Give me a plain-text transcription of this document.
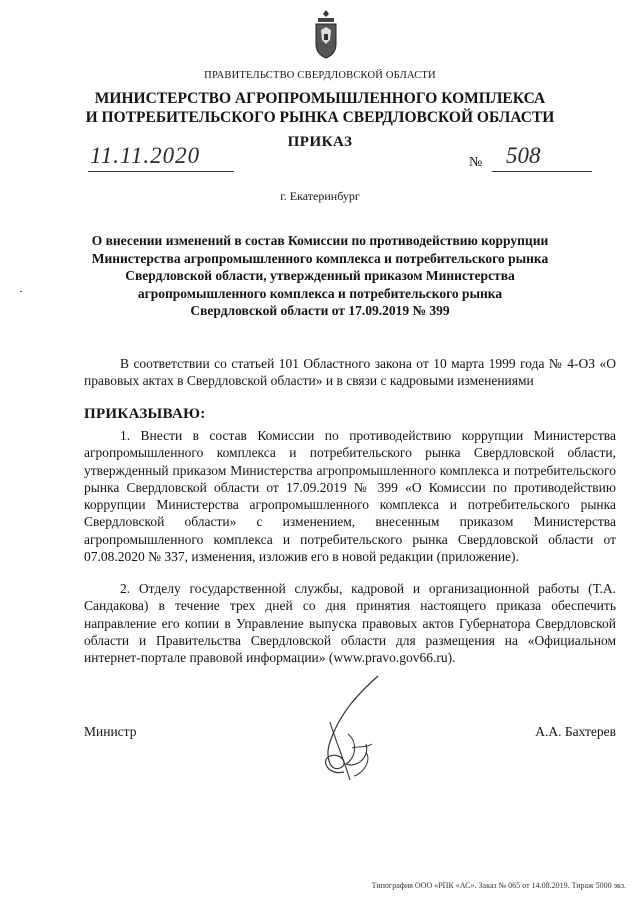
ПРАВИТЕЛЬСТВО СВЕРДЛОВСКОЙ ОБЛАСТИ
МИНИСТЕРСТВО АГРОПРОМЫШЛЕННОГО КОМПЛЕКСА
И ПОТРЕБИТЕЛЬСКОГО РЫНКА СВЕРДЛОВСКОЙ ОБЛАСТИ
ПРИКАЗ
11.11.2020	№ 508
г. Екатеринбург
О внесении изменений в состав Комиссии по противодействию коррупции
Министерства агропромышленного комплекса и потребительского рынка
Свердловской области, утвержденный приказом Министерства
агропромышленного комплекса и потребительского рынка
Свердловской области от 17.09.2019 № 399
В соответствии со статьей 101 Областного закона от 10 марта 1999 года № 4-ОЗ «О правовых актах в Свердловской области» и в связи с кадровыми изменениями
ПРИКАЗЫВАЮ:
1. Внести в состав Комиссии по противодействию коррупции Министерства агропромышленного комплекса и потребительского рынка Свердловской области, утвержденный приказом Министерства агропромышленного комплекса и потребительского рынка Свердловской области от 17.09.2019 № 399 «О Комиссии по противодействию коррупции Министерства агропромышленного комплекса и потребительского рынка Свердловской области» с изменением, внесенным приказом Министерства агропромышленного комплекса и потребительского рынка Свердловской области от 07.08.2020 № 337, изменения, изложив его в новой редакции (приложение).
2. Отделу государственной службы, кадровой и организационной работы (Т.А. Сандакова) в течение трех дней со дня принятия настоящего приказа обеспечить направление его копии в Управление выпуска правовых актов Губернатора Свердловской области и Правительства Свердловской области для размещения на «Официальном интернет-портале правовой информации» (www.pravo.gov66.ru).
Министр	А.А. Бахтерев
Типография ООО «РПК «АС». Заказ № 065 от 14.08.2019. Тираж 5000 экз.
